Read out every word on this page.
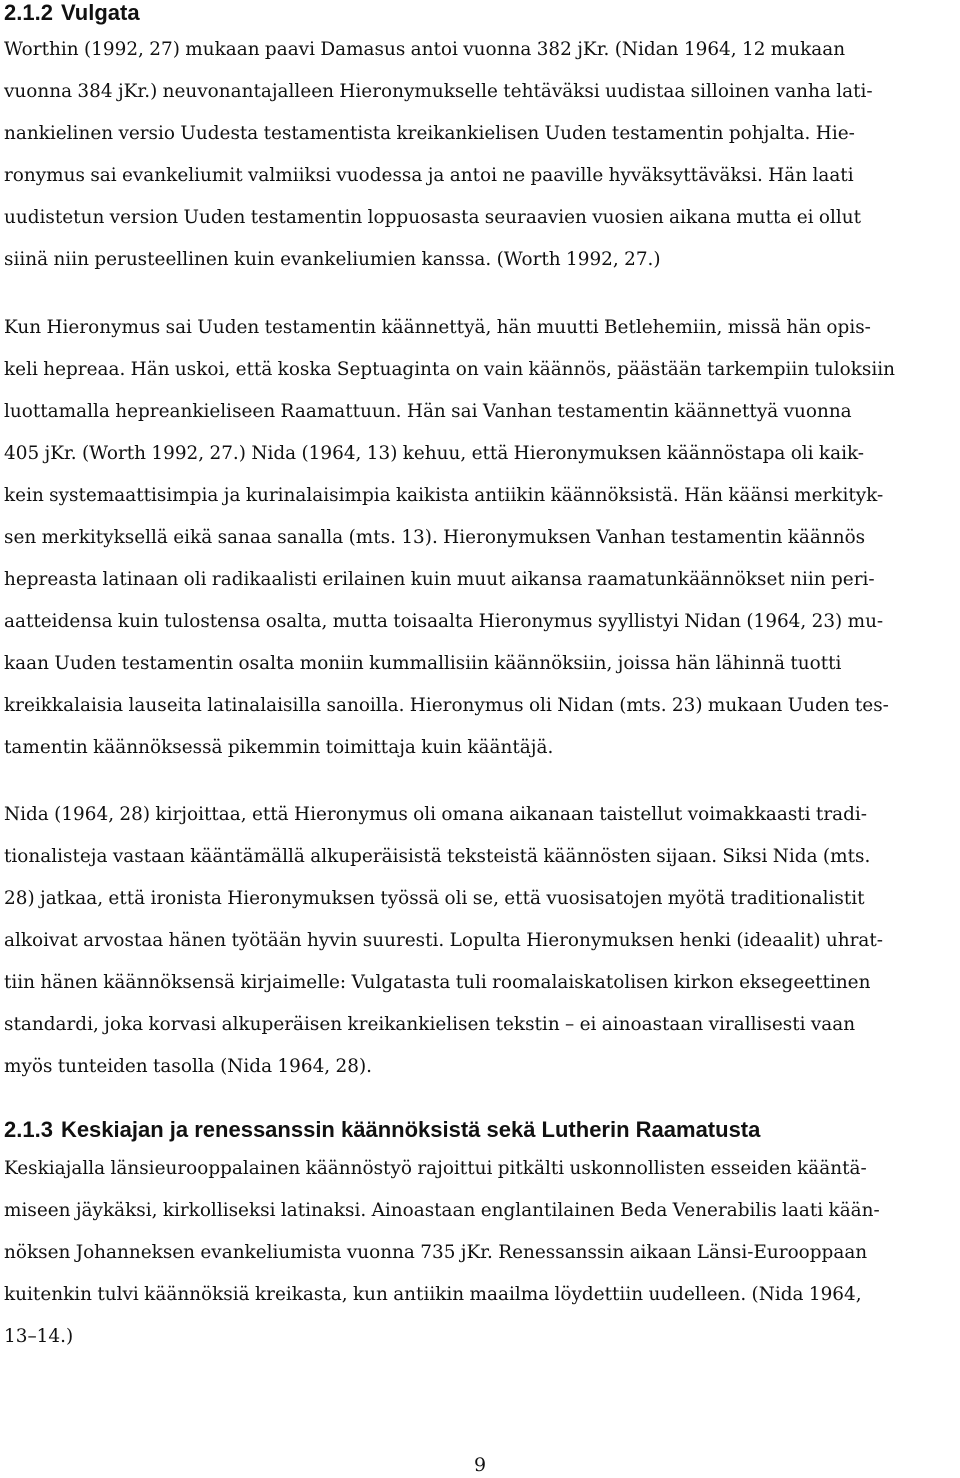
2.1.2 Vulgata

Worthin (1992, 27) mukaan paavi Damasus antoi vuonna 382 jKr. (Nidan 1964, 12 mukaan
vuonna 384 jKr.) neuvonantajalleen Hieronymukselle tehtäväksi uudistaa silloinen vanha lati-
nankielinen versio Uudesta testamentista kreikankielisen Uuden testamentin pohjalta. Hie-
ronymus sai evankeliumit valmiiksi vuodessa ja antoi ne paaville hyväksyttäväksi. Hän laati
uudistetun version Uuden testamentin loppuosasta seuraavien vuosien aikana mutta ei ollut
siinä niin perusteellinen kuin evankeliumien kanssa. (Worth 1992, 27.)

Kun Hieronymus sai Uuden testamentin käännettyä, hän muutti Betlehemiin, missä hän opis-
keli hepreaa. Hän uskoi, että koska Septuaginta on vain käännös, päästään tarkempiin tuloksiin
luottamalla hepreankieliseen Raamattuun. Hän sai Vanhan testamentin käännettyä vuonna
405 jKr. (Worth 1992, 27.) Nida (1964, 13) kehuu, että Hieronymuksen käännöstapa oli kaik-
kein systemaattisimpia ja kurinalaisimpia kaikista antiikin käännöksistä. Hän käänsi merkityk-
sen merkityksellä eikä sanaa sanalla (mts. 13). Hieronymuksen Vanhan testamentin käännös
hepreasta latinaan oli radikaalisti erilainen kuin muut aikansa raamatunkäännökset niin peri-
aatteidensa kuin tulostensa osalta, mutta toisaalta Hieronymus syyllistyi Nidan (1964, 23) mu-
kaan Uuden testamentin osalta moniin kummallisiin käännöksiin, joissa hän lähinnä tuotti
kreikkalaisia lauseita latinalaisilla sanoilla. Hieronymus oli Nidan (mts. 23) mukaan Uuden tes-
tamentin käännöksessä pikemmin toimittaja kuin kääntäjä.

Nida (1964, 28) kirjoittaa, että Hieronymus oli omana aikanaan taistellut voimakkaasti tradi-
tionalisteja vastaan kääntämällä alkuperäisistä teksteistä käännösten sijaan. Siksi Nida (mts.
28) jatkaa, että ironista Hieronymuksen työssä oli se, että vuosisatojen myötä traditionalistit
alkoivat arvostaa hänen työtään hyvin suuresti. Lopulta Hieronymuksen henki (ideaalit) uhrat-
tiin hänen käännöksensä kirjaimelle: Vulgatasta tuli roomalaiskatolisen kirkon eksegeettinen
standardi, joka korvasi alkuperäisen kreikankielisen tekstin – ei ainoastaan virallisesti vaan
myös tunteiden tasolla (Nida 1964, 28).

2.1.3 Keskiajan ja renessanssin käännöksistä sekä Lutherin Raamatusta

Keskiajalla länsieurooppalainen käännöstyö rajoittui pitkälti uskonnollisten esseiden kääntä-
miseen jäykäksi, kirkolliseksi latinaksi. Ainoastaan englantilainen Beda Venerabilis laati kään-
nöksen Johanneksen evankeliumista vuonna 735 jKr. Renessanssin aikaan Länsi-Eurooppaan
kuitenkin tulvi käännöksiä kreikasta, kun antiikin maailma löydettiin uudelleen. (Nida 1964,
13–14.)

9
